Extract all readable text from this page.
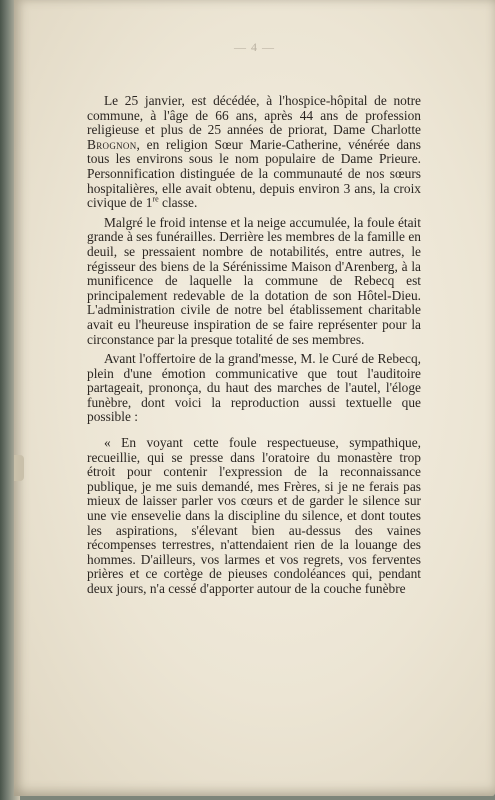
— 4 —

Le 25 janvier, est décédée, à l'hospice-hôpital de notre commune, à l'âge de 66 ans, après 44 ans de profession religieuse et plus de 25 années de priorat, Dame Charlotte Brognon, en religion Sœur Marie-Catherine, vénérée dans tous les environs sous le nom populaire de Dame Prieure. Personnification distinguée de la communauté de nos sœurs hospitalières, elle avait obtenu, depuis environ 3 ans, la croix civique de 1re classe.

Malgré le froid intense et la neige accumulée, la foule était grande à ses funérailles. Derrière les membres de la famille en deuil, se pressaient nombre de notabilités, entre autres, le régisseur des biens de la Sérénissime Maison d'Arenberg, à la munificence de laquelle la commune de Rebecq est principalement redevable de la dotation de son Hôtel-Dieu. L'administration civile de notre bel établissement charitable avait eu l'heureuse inspiration de se faire représenter pour la circonstance par la presque totalité de ses membres.

Avant l'offertoire de la grand'messe, M. le Curé de Rebecq, plein d'une émotion communicative que tout l'auditoire partageait, prononça, du haut des marches de l'autel, l'éloge funèbre, dont voici la reproduction aussi textuelle que possible :

« En voyant cette foule respectueuse, sympathique, recueillie, qui se presse dans l'oratoire du monastère trop étroit pour contenir l'expression de la reconnaissance publique, je me suis demandé, mes Frères, si je ne ferais pas mieux de laisser parler vos cœurs et de garder le silence sur une vie ensevelie dans la discipline du silence, et dont toutes les aspirations, s'élevant bien au-dessus des vaines récompenses terrestres, n'attendaient rien de la louange des hommes. D'ailleurs, vos larmes et vos regrets, vos ferventes prières et ce cortège de pieuses condoléances qui, pendant deux jours, n'a cessé d'apporter autour de la couche funèbre
